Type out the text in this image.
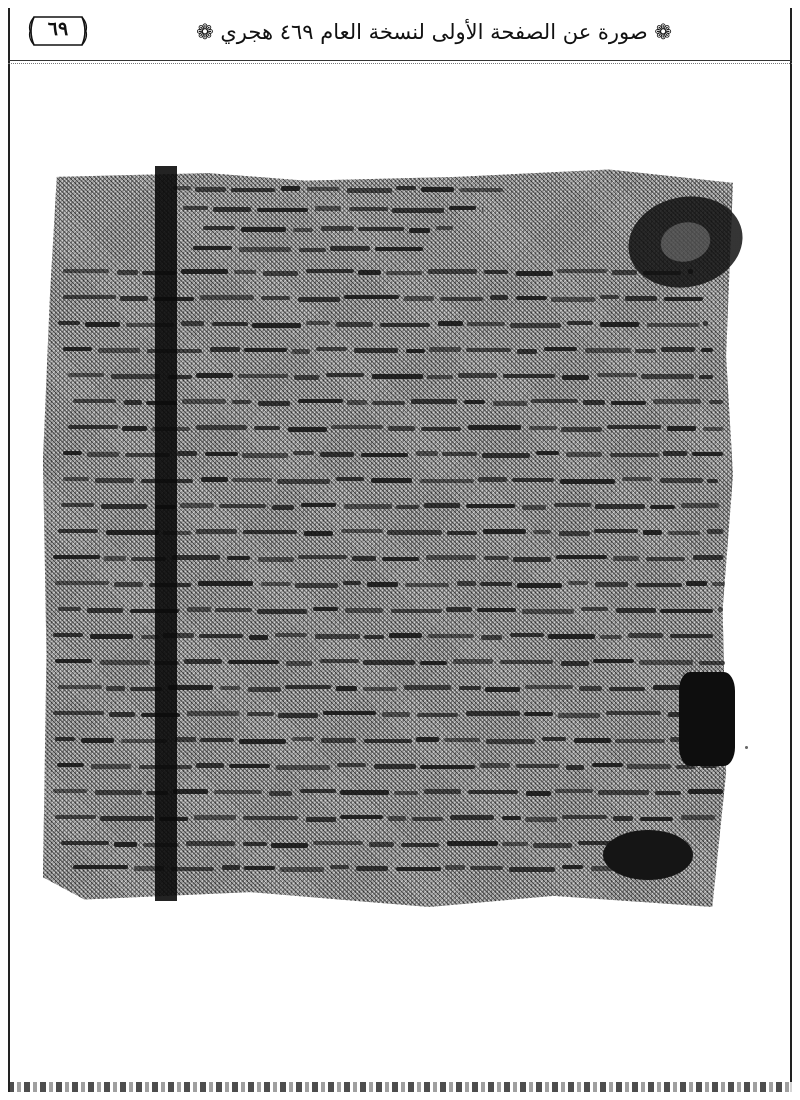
٦٩	❁ صورة عن الصفحة الأولى لنسخة العام ٤٦٩ هجري ❁
